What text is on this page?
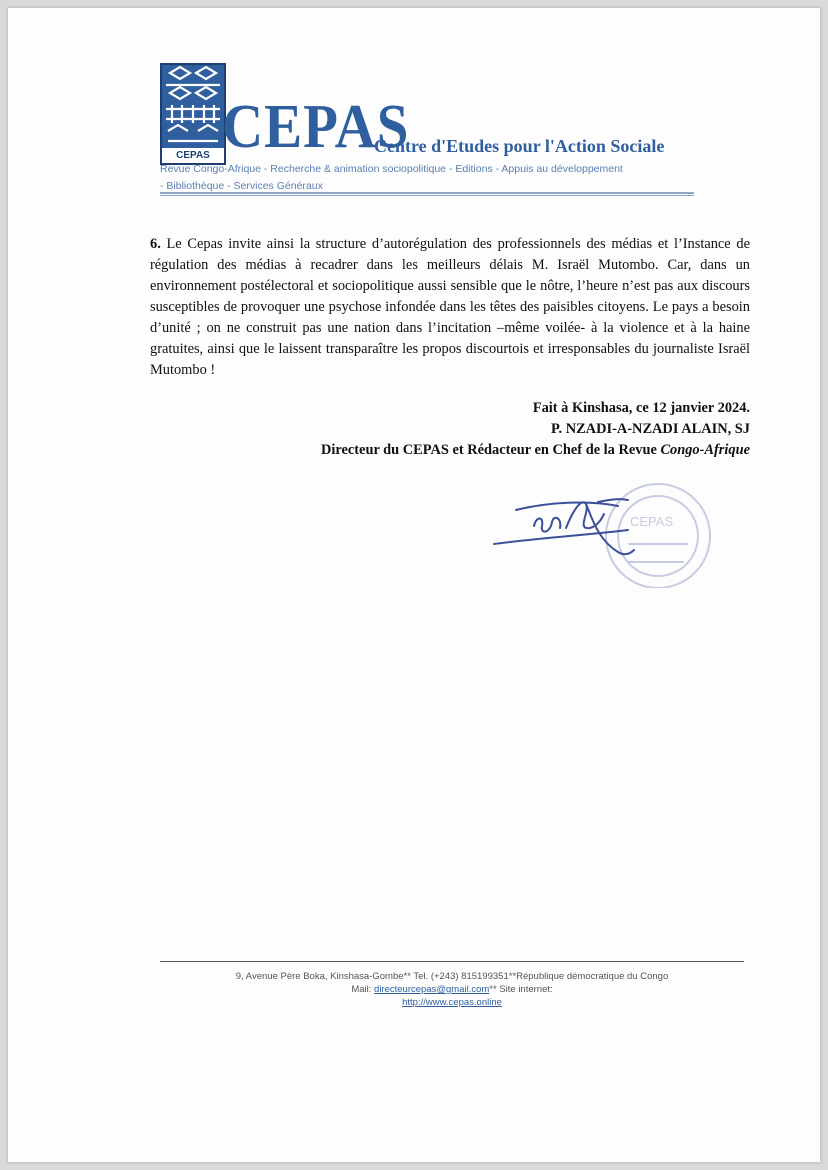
CEPAS CEPAS
Centre d'Etudes pour l'Action Sociale
Revue Congo-Afrique - Recherche & animation sociopolitique - Editions - Appuis au développement
- Bibliothèque - Services Généraux
6. Le Cepas invite ainsi la structure d’autorégulation des professionnels des médias et l’Instance de régulation des médias à recadrer dans les meilleurs délais M. Israël Mutombo. Car, dans un environnement postélectoral et sociopolitique aussi sensible que le nôtre, l’heure n’est pas aux discours susceptibles de provoquer une psychose infondée dans les têtes des paisibles citoyens. Le pays a besoin d’unité ; on ne construit pas une nation dans l’incitation –même voilée- à la violence et à la haine gratuites, ainsi que le laissent transparaître les propos discourtois et irresponsables du journaliste Israël Mutombo !
Fait à Kinshasa, ce 12 janvier 2024.
P. NZADI-A-NZADI ALAIN, SJ
Directeur du CEPAS et Rédacteur en Chef de la Revue Congo-Afrique
CEPAS
9, Avenue Père Boka, Kinshasa-Gombe** Tel. (+243) 815199351**République démocratique du Congo
Mail: directeurcepas@gmail.com** Site internet:
http://www.cepas.online
